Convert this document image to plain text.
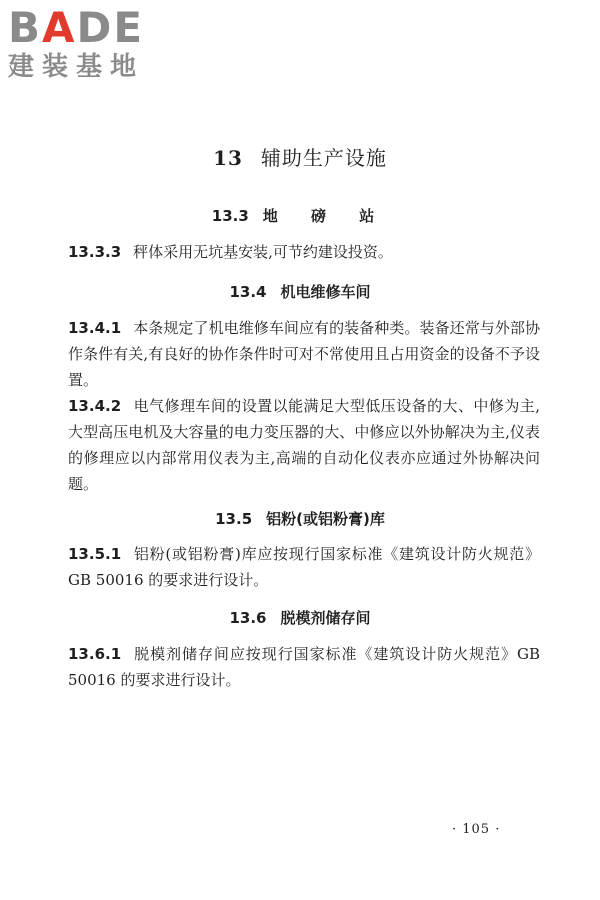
BADE
建装基地
13 辅助生产设施
13.3 地 磅 站
13.3.3 秤体采用无坑基安装,可节约建设投资。
13.4 机电维修车间
13.4.1 本条规定了机电维修车间应有的装备种类。装备还常与外部协作条件有关,有良好的协作条件时可对不常使用且占用资金的设备不予设置。
13.4.2 电气修理车间的设置以能满足大型低压设备的大、中修为主,大型高压电机及大容量的电力变压器的大、中修应以外协解决为主,仪表的修理应以内部常用仪表为主,高端的自动化仪表亦应通过外协解决问题。
13.5 铝粉(或铝粉膏)库
13.5.1 铝粉(或铝粉膏)库应按现行国家标准《建筑设计防火规范》GB 50016 的要求进行设计。
13.6 脱模剂储存间
13.6.1 脱模剂储存间应按现行国家标准《建筑设计防火规范》GB 50016 的要求进行设计。
· 105 ·
